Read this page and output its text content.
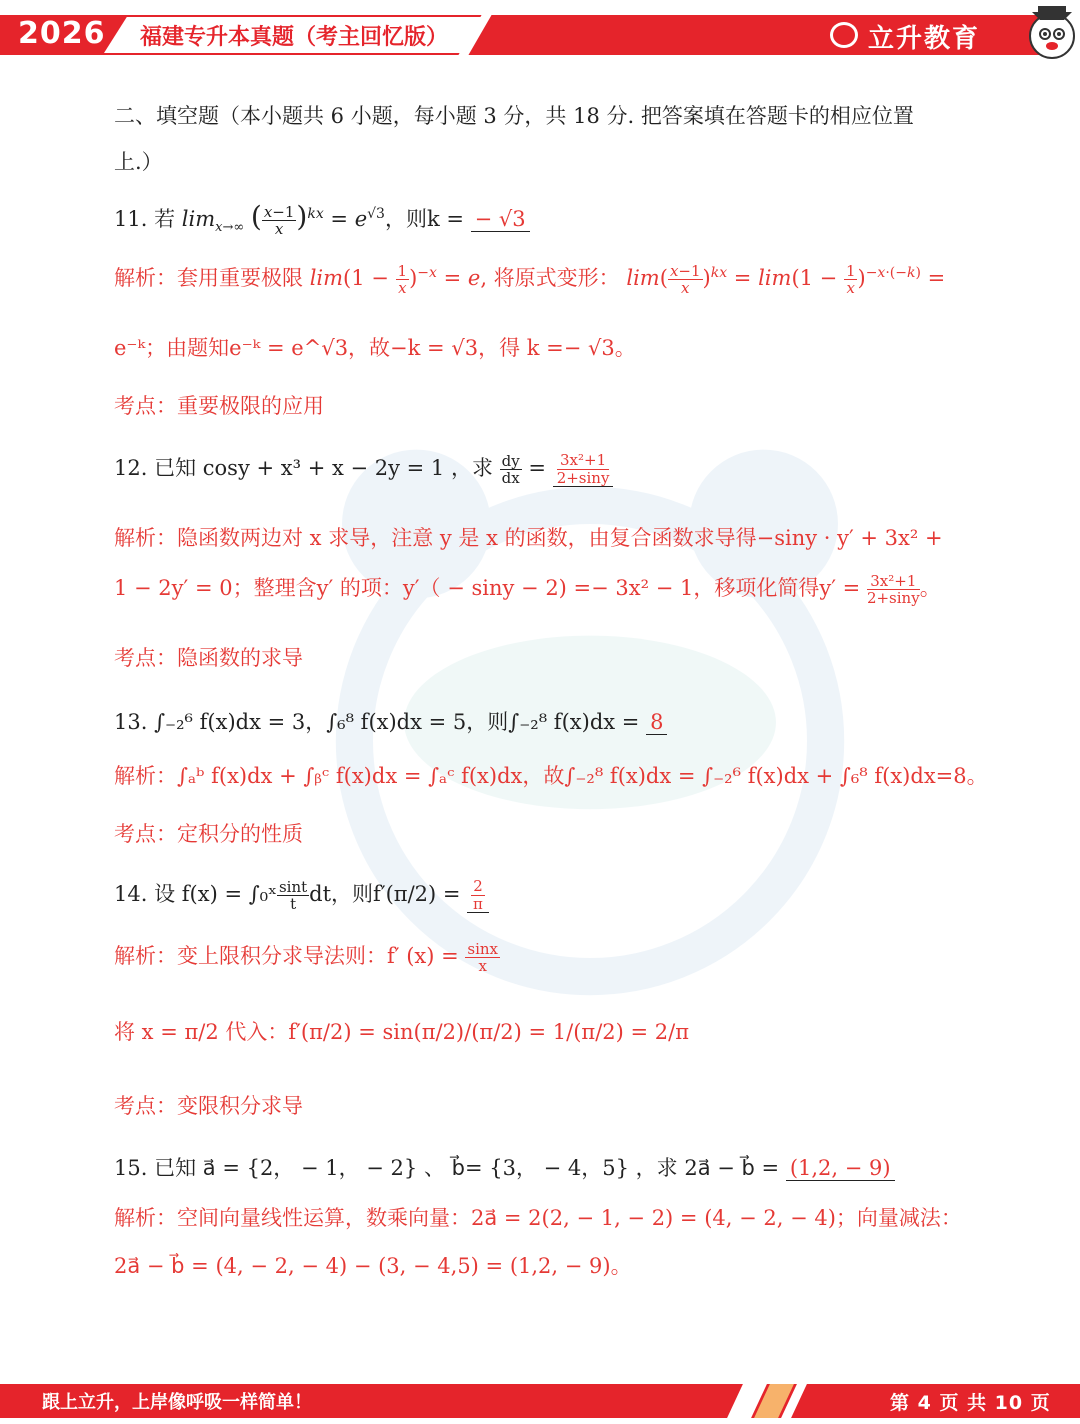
2026 福建专升本真题（考主回忆版）	立升教育
二、填空题（本小题共 6 小题，每小题 3 分，共 18 分. 把答案填在答题卡的相应位置
上.）
11. 若 $\lim_{x\to\infty}$ ( $\frac{x-1}{x} )^{kx} = e^{√3}$，则k = − √3
解析：套用重要极限 $\lim(1 - \frac{1}{x} )^{-x} = e$, 将原式变形： $\lim( \frac{x-1}{x} )^{kx} = \lim(1 - \frac{1}{x} )^{-x\cdot(-k)}$ =
e⁻ᵏ；由题知e⁻ᵏ = e^√3，故−k = √3，得 k =− √3。
考点：重要极限的应用
12. 已知 cosy + x³ + x − 2y = 1 ，求 $\frac{dy}{dx} = \frac{\text{3x²+1}}{2+\sin y}$
解析：隐函数两边对 x 求导，注意 y 是 x 的函数，由复合函数求导得−siny · y′ + 3x² +
1 − 2y′ = 0；整理含y′ 的项：y′（ − siny − 2) =− 3x² − 1，移项化简得$y' = \frac{\text{3x²+1}}{2+\sin y}$ 。
考点：隐函数的求导
13. ∫₋₂⁶ f(x)dx = 3，∫₆⁸ f(x)dx = 5，则∫₋₂⁸ f(x)dx = 8
解析：∫ₐᵇ f(x)dx + ∫ᵦᶜ f(x)dx = ∫ₐᶜ f(x)dx，故∫₋₂⁸ f(x)dx = ∫₋₂⁶ f(x)dx + ∫₆⁸ f(x)dx=8。
考点：定积分的性质
14. 设 f(x) = ∫₀ˣ $\frac{\sin t}{t}$ dt，则$f'(\pi/2) = \frac{2}{\pi}$
解析：变上限积分求导法则：f′ $(x) = \frac{\sin x}{x}$
将 x = π/2 代入：f′(π/2) = sin(π/2)/(π/2) = 1/(π/2) = 2/π
考点：变限积分求导
15. 已知 a⃗ = {2， − 1， − 2} 、 b⃗= {3， − 4，5} ，求 2a⃗ − b⃗ = (1,2, − 9)
解析：空间向量线性运算，数乘向量：2a⃗ = 2(2, − 1, − 2) = (4, − 2, − 4)；向量减法：
2a⃗ − b⃗ = (4, − 2, − 4) − (3, − 4,5) = (1,2, − 9)。
跟上立升，上岸像呼吸一样简单！	第 4 页 共 10 页
